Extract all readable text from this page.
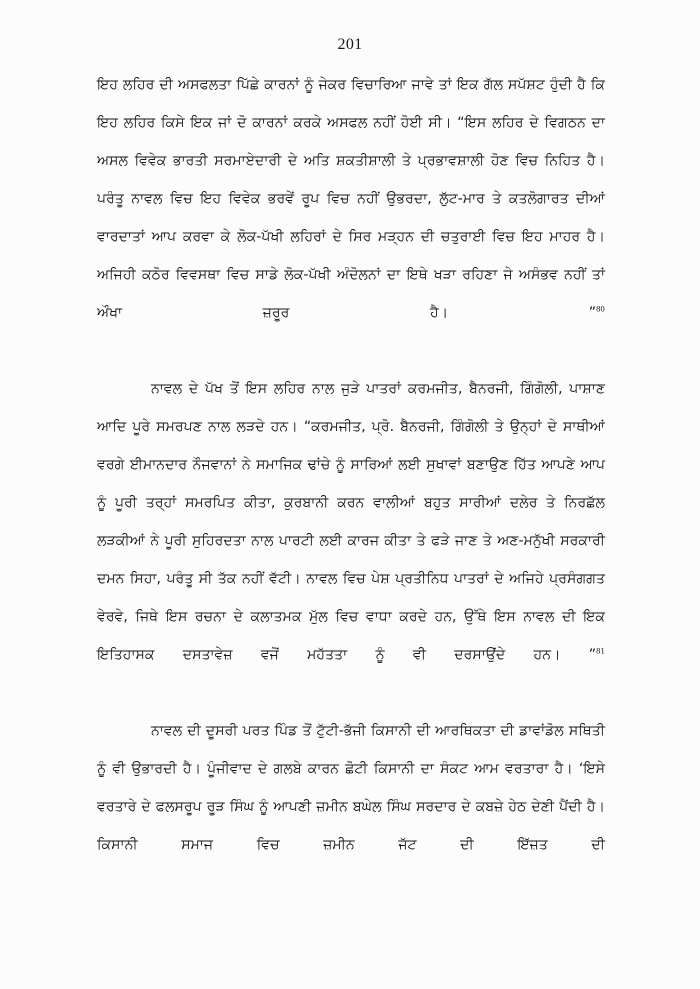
201

ਇਹ ਲਹਿਰ ਦੀ ਅਸਫਲਤਾ ਪਿੱਛੇ ਕਾਰਨਾਂ ਨੂੰ ਜੇਕਰ ਵਿਚਾਰਿਆ ਜਾਵੇ ਤਾਂ ਇਕ ਗੱਲ ਸਪੱਸ਼ਟ ਹੁੰਦੀ ਹੈ ਕਿ ਇਹ ਲਹਿਰ ਕਿਸੇ ਇਕ ਜਾਂ ਦੋ ਕਾਰਨਾਂ ਕਰਕੇ ਅਸਫਲ ਨਹੀਂ ਹੋਈ ਸੀ। “ਇਸ ਲਹਿਰ ਦੇ ਵਿਗਠਨ ਦਾ ਅਸਲ ਵਿਵੇਕ ਭਾਰਤੀ ਸਰਮਾਏਦਾਰੀ ਦੇ ਅਤਿ ਸ਼ਕਤੀਸ਼ਾਲੀ ਤੇ ਪ੍ਰਭਾਵਸ਼ਾਲੀ ਹੋਣ ਵਿਚ ਨਿਹਿਤ ਹੈ। ਪਰੰਤੂ ਨਾਵਲ ਵਿਚ ਇਹ ਵਿਵੇਕ ਭਰਵੇਂ ਰੂਪ ਵਿਚ ਨਹੀਂ ਉਭਰਦਾ, ਲੁੱਟ-ਮਾਰ ਤੇ ਕਤਲੋਗਾਰਤ ਦੀਆਂ ਵਾਰਦਾਤਾਂ ਆਪ ਕਰਵਾ ਕੇ ਲੋਕ-ਪੱਖੀ ਲਹਿਰਾਂ ਦੇ ਸਿਰ ਮੜ੍ਹਨ ਦੀ ਚਤੁਰਾਈ ਵਿਚ ਇਹ ਮਾਹਰ ਹੈ। ਅਜਿਹੀ ਕਠੋਰ ਵਿਵਸਥਾ ਵਿਚ ਸਾਡੇ ਲੋਕ-ਪੱਖੀ ਅੰਦੋਲਨਾਂ ਦਾ ਇਥੇ ਖੜਾ ਰਹਿਣਾ ਜੇ ਅਸੰਭਵ ਨਹੀਂ ਤਾਂ ਔਖਾ ਜ਼ਰੂਰ ਹੈ। ”$^{80}$

ਨਾਵਲ ਦੇ ਪੱਖ ਤੋਂ ਇਸ ਲਹਿਰ ਨਾਲ ਜੁੜੇ ਪਾਤਰਾਂ ਕਰਮਜੀਤ, ਬੈਨਰਜੀ, ਗਿੰਗੋਲੀ, ਪਾਸ਼ਾਣ ਆਦਿ ਪੂਰੇ ਸਮਰਪਣ ਨਾਲ ਲੜਦੇ ਹਨ। “ਕਰਮਜੀਤ, ਪ੍ਰੋ. ਬੈਨਰਜੀ, ਗਿੰਗੋਲੀ ਤੇ ਉਨ੍ਹਾਂ ਦੇ ਸਾਥੀਆਂ ਵਰਗੇ ਈਮਾਨਦਾਰ ਨੌਜਵਾਨਾਂ ਨੇ ਸਮਾਜਿਕ ਢਾਂਚੇ ਨੂੰ ਸਾਰਿਆਂ ਲਈ ਸੁਖਾਵਾਂ ਬਣਾਉਣ ਹਿੱਤ ਆਪਣੇ ਆਪ ਨੂੰ ਪੂਰੀ ਤਰ੍ਹਾਂ ਸਮਰਪਿਤ ਕੀਤਾ, ਕੁਰਬਾਨੀ ਕਰਨ ਵਾਲੀਆਂ ਬਹੁਤ ਸਾਰੀਆਂ ਦਲੇਰ ਤੇ ਨਿਰਛੱਲ ਲੜਕੀਆਂ ਨੇ ਪੂਰੀ ਸੁਹਿਰਦਤਾ ਨਾਲ ਪਾਰਟੀ ਲਈ ਕਾਰਜ ਕੀਤਾ ਤੇ ਫੜੇ ਜਾਣ ਤੇ ਅਣ-ਮਨੁੱਖੀ ਸਰਕਾਰੀ ਦਮਨ ਸਿਹਾ, ਪਰੰਤੂ ਸੀ ਤੱਕ ਨਹੀਂ ਵੱਟੀ। ਨਾਵਲ ਵਿਚ ਪੇਸ਼ ਪ੍ਰਤੀਨਿਧ ਪਾਤਰਾਂ ਦੇ ਅਜਿਹੇ ਪ੍ਰਸੰਗਗਤ ਵੇਰਵੇ, ਜਿਥੇ ਇਸ ਰਚਨਾ ਦੇ ਕਲਾਤਮਕ ਮੁੱਲ ਵਿਚ ਵਾਧਾ ਕਰਦੇ ਹਨ, ਉੱਥੇ ਇਸ ਨਾਵਲ ਦੀ ਇਕ ਇਤਿਹਾਸਕ ਦਸਤਾਵੇਜ਼ ਵਜੋਂ ਮਹੱਤਤਾ ਨੂੰ ਵੀ ਦਰਸਾਉਂਦੇ ਹਨ। ”$^{81}$

ਨਾਵਲ ਦੀ ਦੂਸਰੀ ਪਰਤ ਪਿੰਡ ਤੋਂ ਟੁੱਟੀ-ਭੱਜੀ ਕਿਸਾਨੀ ਦੀ ਆਰਥਿਕਤਾ ਦੀ ਡਾਵਾਂਡੋਲ ਸਥਿਤੀ ਨੂੰ ਵੀ ਉਭਾਰਦੀ ਹੈ। ਪੂੰਜੀਵਾਦ ਦੇ ਗਲਬੇ ਕਾਰਨ ਛੋਟੀ ਕਿਸਾਨੀ ਦਾ ਸੰਕਟ ਆਮ ਵਰਤਾਰਾ ਹੈ। ‘ਇਸੇ ਵਰਤਾਰੇ ਦੇ ਫਲਸਰੂਪ ਰੂੜ ਸਿੰਘ ਨੂੰ ਆਪਣੀ ਜ਼ਮੀਨ ਬਘੇਲ ਸਿੰਘ ਸਰਦਾਰ ਦੇ ਕਬਜ਼ੇ ਹੇਠ ਦੇਣੀ ਪੈਂਦੀ ਹੈ। ਕਿਸਾਨੀ ਸਮਾਜ ਵਿਚ ਜ਼ਮੀਨ ਜੱਟ ਦੀ ਇੱਜ਼ਤ ਦੀ
